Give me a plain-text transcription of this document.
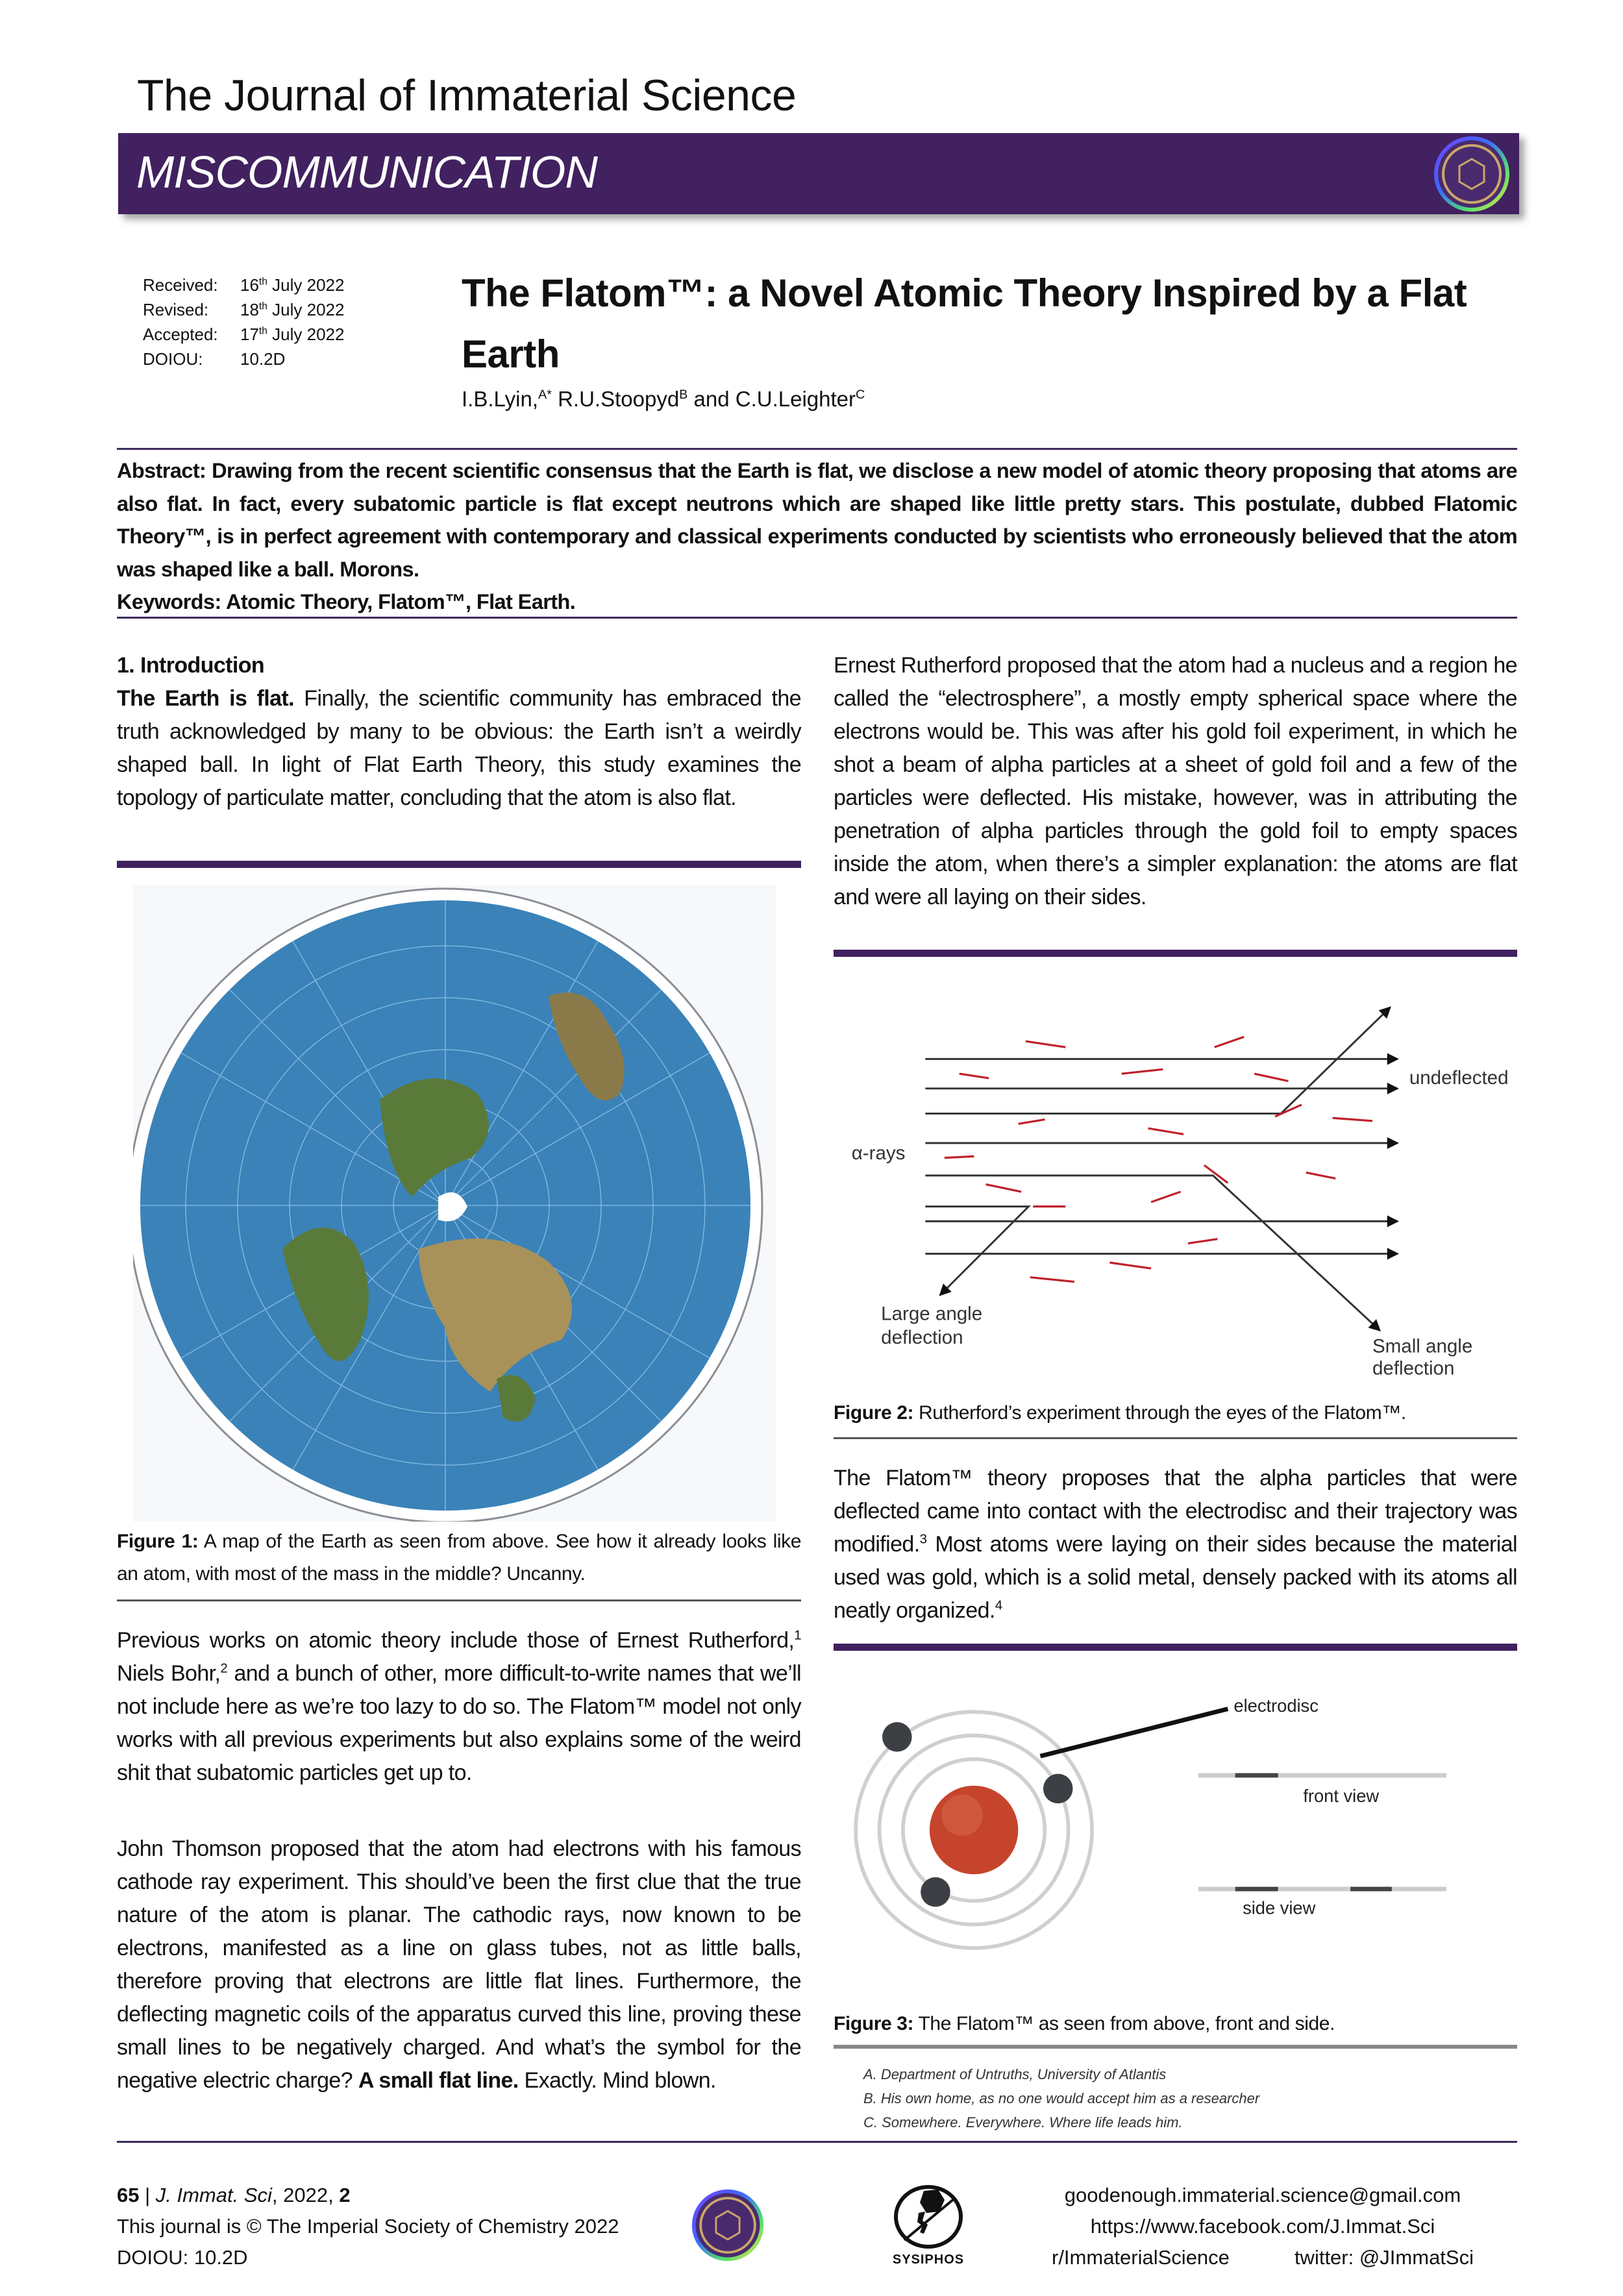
The Journal of Immaterial Science
MISCOMMUNICATION
Received:	16th July 2022
Revised:	18th July 2022
Accepted:	17th July 2022
DOIOU:	10.2D
The Flatom™: a Novel Atomic Theory Inspired by a Flat Earth
I.B.Lyin,$^{A*}$ R.U.Stoopyd$^B$ and C.U.Leighter$^C$
Abstract: Drawing from the recent scientific consensus that the Earth is flat, we disclose a new model of atomic theory proposing that atoms are also flat. In fact, every subatomic particle is flat except neutrons which are shaped like little pretty stars. This postulate, dubbed Flatomic Theory™, is in perfect agreement with contemporary and classical experiments conducted by scientists who erroneously believed that the atom was shaped like a ball. Morons.
Keywords: Atomic Theory, Flatom™, Flat Earth.
1. Introduction
The Earth is flat. Finally, the scientific community has embraced the truth acknowledged by many to be obvious: the Earth isn’t a weirdly shaped ball. In light of Flat Earth Theory, this study examines the topology of particulate matter, concluding that the atom is also flat.
Figure 1: A map of the Earth as seen from above. See how it already looks like an atom, with most of the mass in the middle? Uncanny.
Previous works on atomic theory include those of Ernest Rutherford,$^1$ Niels Bohr,$^2$ and a bunch of other, more difficult-to-write names that we’ll not include here as we’re too lazy to do so. The Flatom™ model not only works with all previous experiments but also explains some of the weird shit that subatomic particles get up to.
John Thomson proposed that the atom had electrons with his famous cathode ray experiment. This should’ve been the first clue that the true nature of the atom is planar. The cathodic rays, now known to be electrons, manifested as a line on glass tubes, not as little balls, therefore proving that electrons are little flat lines. Furthermore, the deflecting magnetic coils of the apparatus curved this line, proving these small lines to be negatively charged. And what’s the symbol for the negative electric charge? A small flat line. Exactly. Mind blown.
Ernest Rutherford proposed that the atom had a nucleus and a region he called the “electrosphere”, a mostly empty spherical space where the electrons would be. This was after his gold foil experiment, in which he shot a beam of alpha particles at a sheet of gold foil and a few of the particles were deflected. His mistake, however, was in attributing the penetration of alpha particles through the gold foil to empty spaces inside the atom, when there’s a simpler explanation: the atoms are flat and were all laying on their sides.
undeflected
α-rays
Large angle
deflection	Small angle
deflection
Figure 2: Rutherford’s experiment through the eyes of the Flatom™.
The Flatom™ theory proposes that the alpha particles that were deflected came into contact with the electrodisc and their trajectory was modified.$^3$ Most atoms were laying on their sides because the material used was gold, which is a solid metal, densely packed with its atoms all neatly organized.$^4$
electrodisc
front view
side view
Figure 3: The Flatom™ as seen from above, front and side.
A. Department of Untruths, University of Atlantis
B. His own home, as no one would accept him as a researcher
C. Somewhere. Everywhere. Where life leads him.
65 | J. Immat. Sci, 2022, 2
This journal is © The Imperial Society of Chemistry 2022
DOIOU: 10.2D	SYSIPHOS
goodenough.immaterial.science@gmail.com
https://www.facebook.com/J.Immat.Sci
r/ImmaterialScience	twitter: @JImmatSci
